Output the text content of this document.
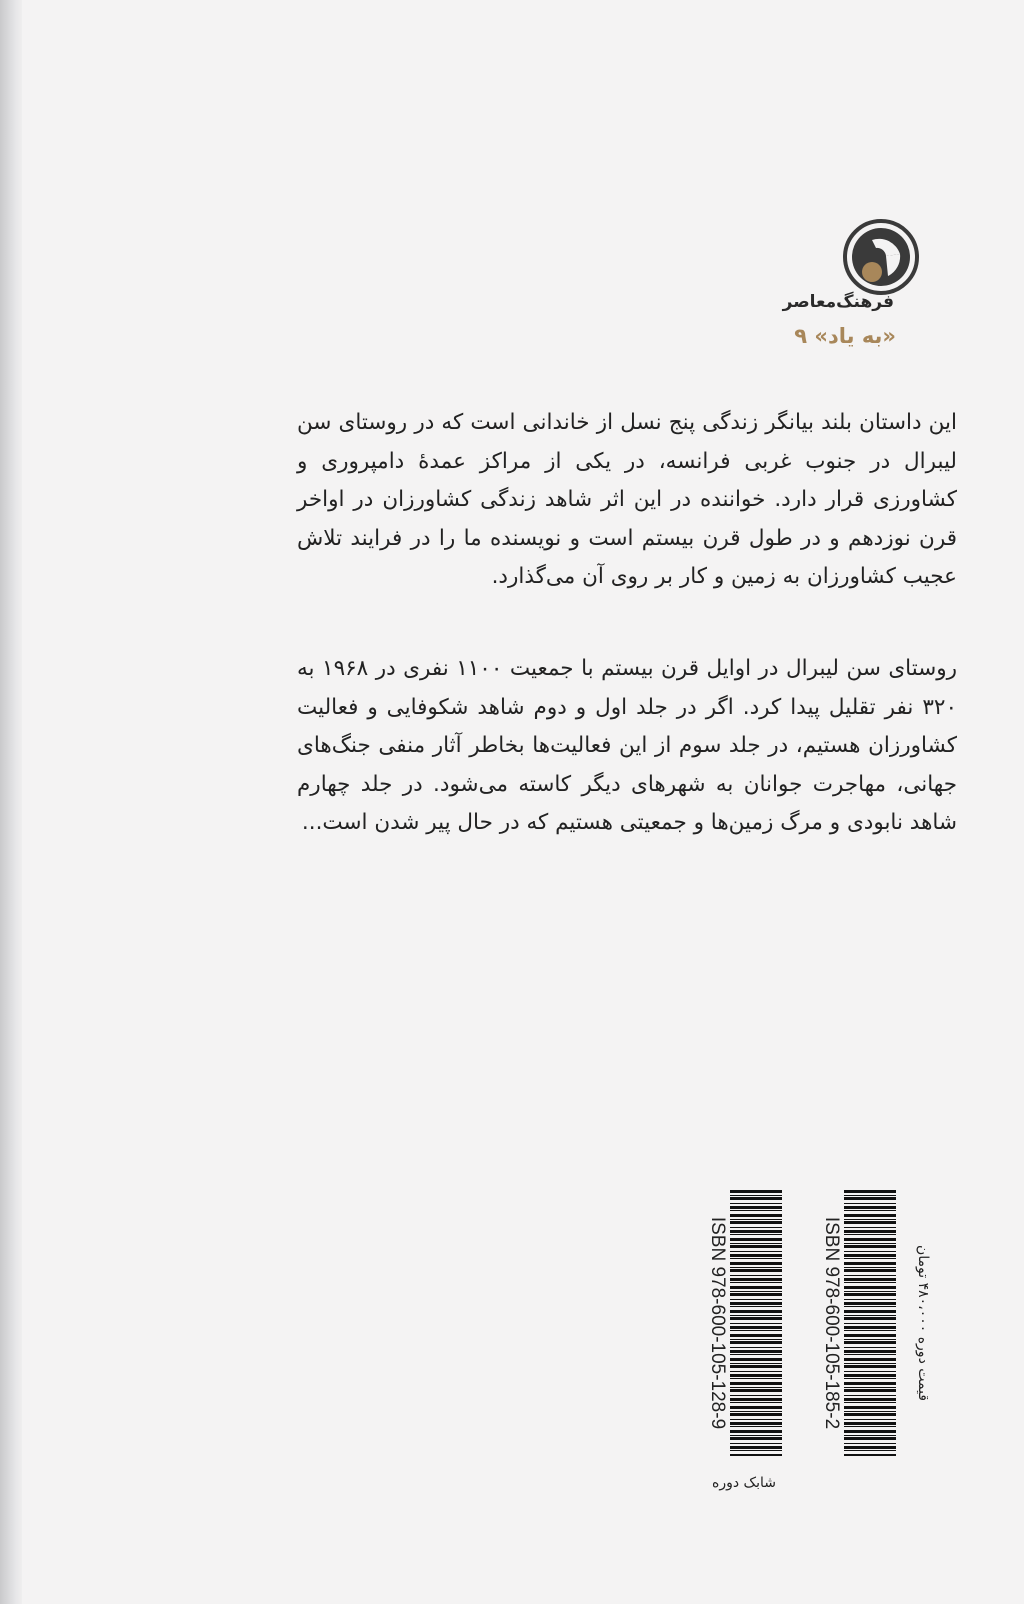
فرهنگ‌معاصر
«به یاد» ۹
این داستان بلند بیانگر زندگی پنج نسل از خاندانی است که در روستای سن لیبرال در جنوب غربی فرانسه، در یکی از مراکز عمدهٔ دامپروری و کشاورزی قرار دارد. خواننده در این اثر شاهد زندگی کشاورزان در اواخر قرن نوزدهم و در طول قرن بیستم است و نویسنده ما را در فرایند تلاش عجیب کشاورزان به زمین و کار بر روی آن می‌گذارد.
روستای سن لیبرال در اوایل قرن بیستم با جمعیت ۱۱۰۰ نفری در ۱۹۶۸ به ۳۲۰ نفر تقلیل پیدا کرد. اگر در جلد اول و دوم شاهد شکوفایی و فعالیت کشاورزان هستیم، در جلد سوم از این فعالیت‌ها بخاطر آثار منفی جنگ‌های جهانی، مهاجرت جوانان به شهرهای دیگر کاسته می‌شود. در جلد چهارم شاهد نابودی و مرگ زمین‌ها و جمعیتی هستیم که در حال پیر شدن است...
ISBN 978-600-105-128-9	ISBN 978-600-105-185-2	قیمت دوره ۴۸۰،۰۰۰ تومان
شابک دوره
